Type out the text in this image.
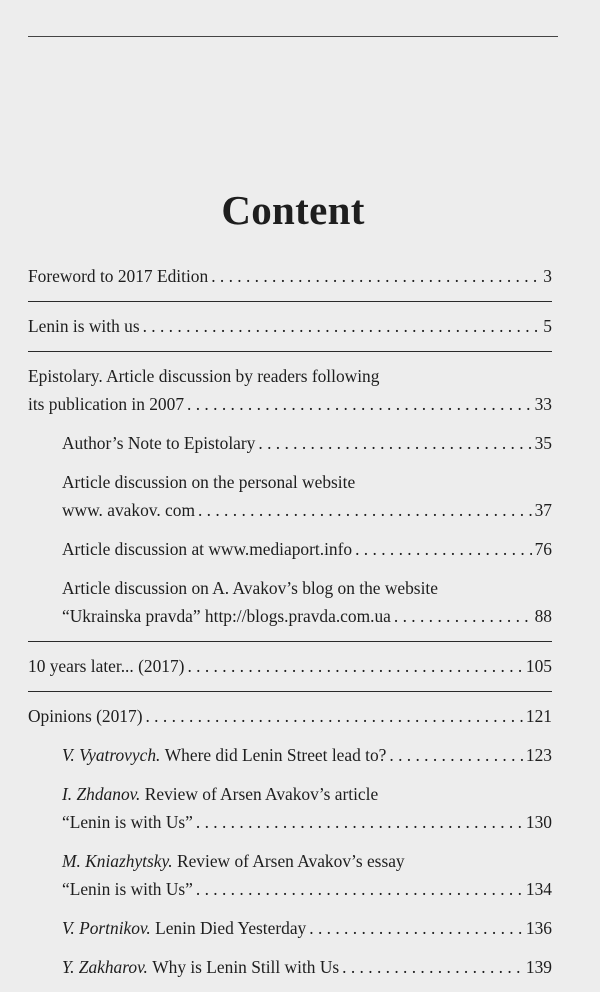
Content
Foreword to 2017 Edition . . .	3
Lenin is with us . . .	5
Epistolary. Article discussion by readers following
its publication in 2007 . . .	33
Author’s Note to Epistolary . . .	35
Article discussion on the personal website
www. avakov. com . . .	37
Article discussion at www.mediaport.info . . .	76
Article discussion on A. Avakov’s blog on the website
“Ukrainska pravda” http://blogs.pravda.com.ua . . .	88
10 years later... (2017) . . .	105
Opinions (2017) . . .	121
V. Vyatrovych.
Where did Lenin Street lead to? . . .	123
I. Zhdanov.
Review of Arsen Avakov’s article
“Lenin is with Us” . . .	130
M. Kniazhytsky.
Review of Arsen Avakov’s essay
“Lenin is with Us” . . .	134
V. Portnikov.
Lenin Died Yesterday . . .	136
Y. Zakharov.
Why is Lenin Still with Us . . .	139
